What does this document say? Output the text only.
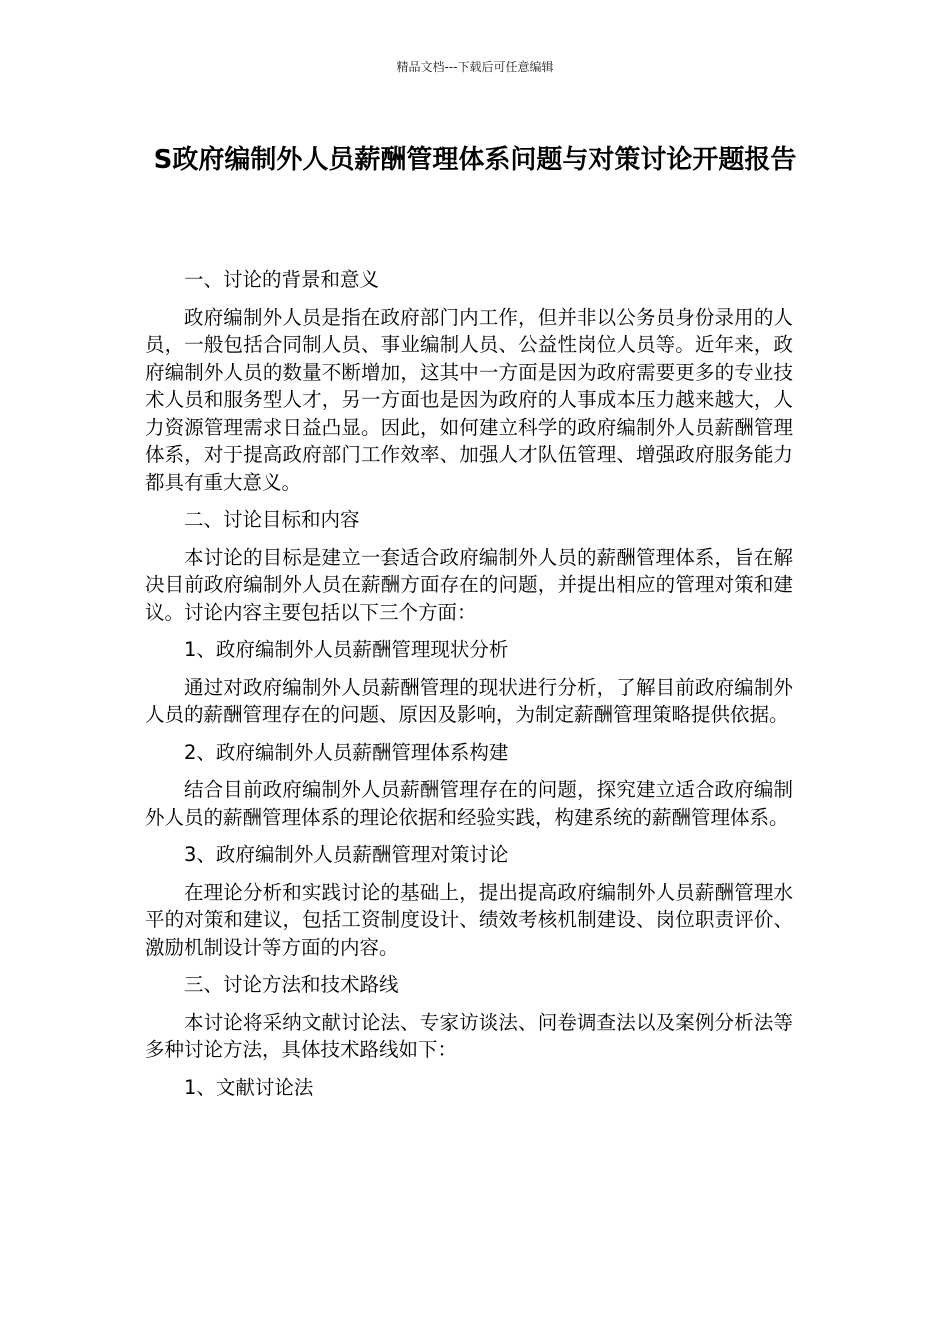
精品文档---下载后可任意编辑
S政府编制外人员薪酬管理体系问题与对策讨论开题报告

一、讨论的背景和意义

政府编制外人员是指在政府部门内工作，但并非以公务员身份录用的人员，一般包括合同制人员、事业编制人员、公益性岗位人员等。近年来，政府编制外人员的数量不断增加，这其中一方面是因为政府需要更多的专业技术人员和服务型人才，另一方面也是因为政府的人事成本压力越来越大，人力资源管理需求日益凸显。因此，如何建立科学的政府编制外人员薪酬管理体系，对于提高政府部门工作效率、加强人才队伍管理、增强政府服务能力都具有重大意义。

二、讨论目标和内容

本讨论的目标是建立一套适合政府编制外人员的薪酬管理体系，旨在解决目前政府编制外人员在薪酬方面存在的问题，并提出相应的管理对策和建议。讨论内容主要包括以下三个方面：

1、政府编制外人员薪酬管理现状分析

通过对政府编制外人员薪酬管理的现状进行分析，了解目前政府编制外人员的薪酬管理存在的问题、原因及影响，为制定薪酬管理策略提供依据。

2、政府编制外人员薪酬管理体系构建

结合目前政府编制外人员薪酬管理存在的问题，探究建立适合政府编制外人员的薪酬管理体系的理论依据和经验实践，构建系统的薪酬管理体系。

3、政府编制外人员薪酬管理对策讨论

在理论分析和实践讨论的基础上，提出提高政府编制外人员薪酬管理水平的对策和建议，包括工资制度设计、绩效考核机制建设、岗位职责评价、激励机制设计等方面的内容。

三、讨论方法和技术路线

本讨论将采纳文献讨论法、专家访谈法、问卷调查法以及案例分析法等多种讨论方法，具体技术路线如下：

1、文献讨论法
